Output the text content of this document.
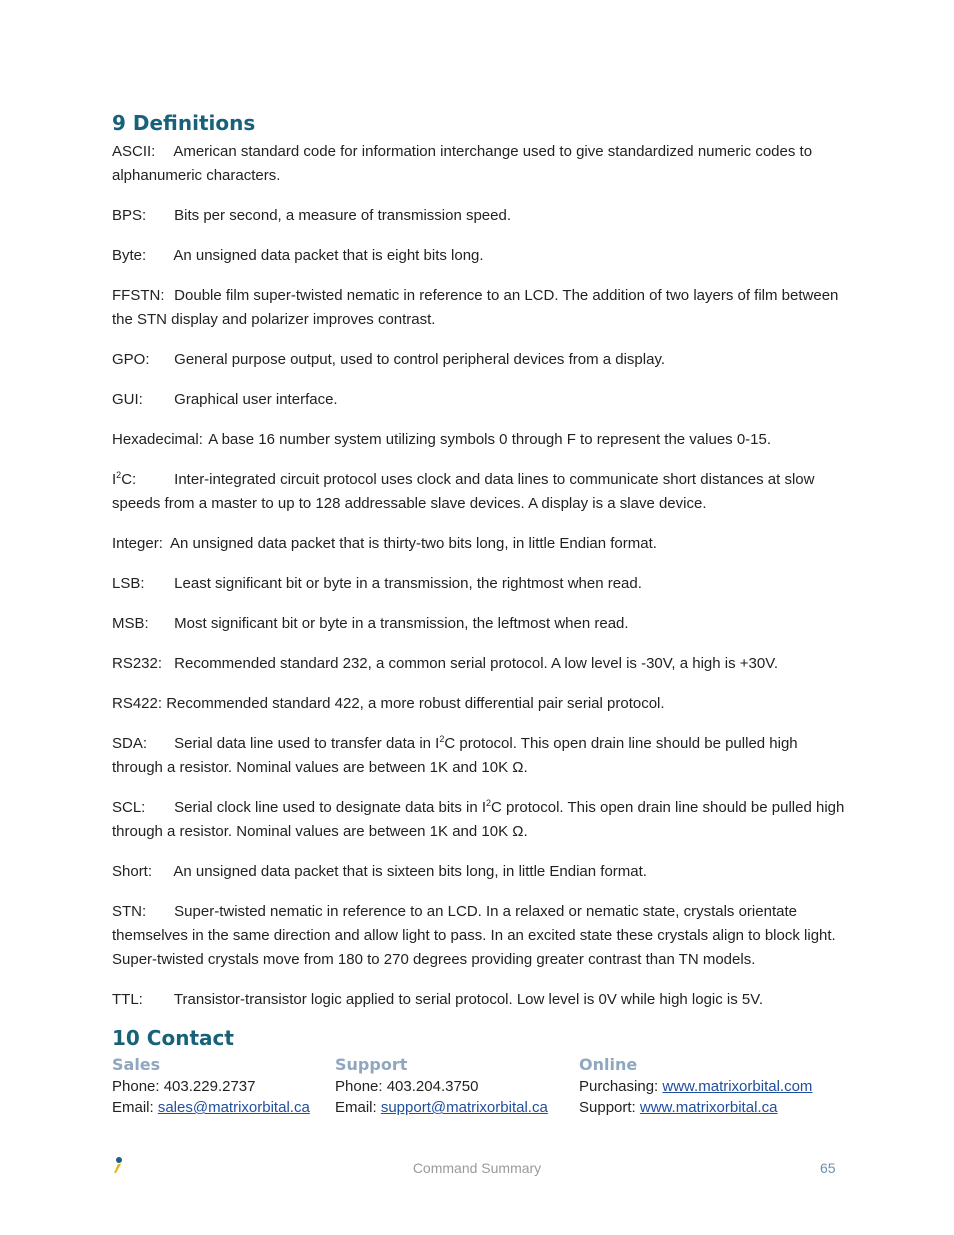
9 Definitions

ASCII: American standard code for information interchange used to give standardized numeric codes to alphanumeric characters.

BPS: Bits per second, a measure of transmission speed.

Byte: An unsigned data packet that is eight bits long.

FFSTN: Double film super-twisted nematic in reference to an LCD. The addition of two layers of film between the STN display and polarizer improves contrast.

GPO: General purpose output, used to control peripheral devices from a display.

GUI: Graphical user interface.

Hexadecimal: A base 16 number system utilizing symbols 0 through F to represent the values 0-15.

$I^2C$:	Inter-integrated circuit protocol uses clock and data lines to communicate short distances at slow speeds from a master to up to 128 addressable slave devices. A display is a slave device.

Integer: An unsigned data packet that is thirty-two bits long, in little Endian format.

LSB: Least significant bit or byte in a transmission, the rightmost when read.

MSB: Most significant bit or byte in a transmission, the leftmost when read.

RS232: Recommended standard 232, a common serial protocol. A low level is -30V, a high is +30V.

RS422: Recommended standard 422, a more robust differential pair serial protocol.

SDA: Serial data line used to transfer data in $I^2C$ protocol. This open drain line should be pulled high through a resistor. Nominal values are between 1K and 10K Ω.

SCL: Serial clock line used to designate data bits in $I^2C$ protocol. This open drain line should be pulled high through a resistor. Nominal values are between 1K and 10K Ω.

Short: An unsigned data packet that is sixteen bits long, in little Endian format.

STN: Super-twisted nematic in reference to an LCD. In a relaxed or nematic state, crystals orientate themselves in the same direction and allow light to pass. In an excited state these crystals align to block light. Super-twisted crystals move from 180 to 270 degrees providing greater contrast than TN models.

TTL: Transistor-transistor logic applied to serial protocol. Low level is 0V while high logic is 5V.

10 Contact
Sales
Phone: 403.229.2737
Email: sales@matrixorbital.ca
Support
Phone: 403.204.3750
Email: support@matrixorbital.ca
Online
Purchasing: www.matrixorbital.com
Support: www.matrixorbital.ca
Command Summary	65
